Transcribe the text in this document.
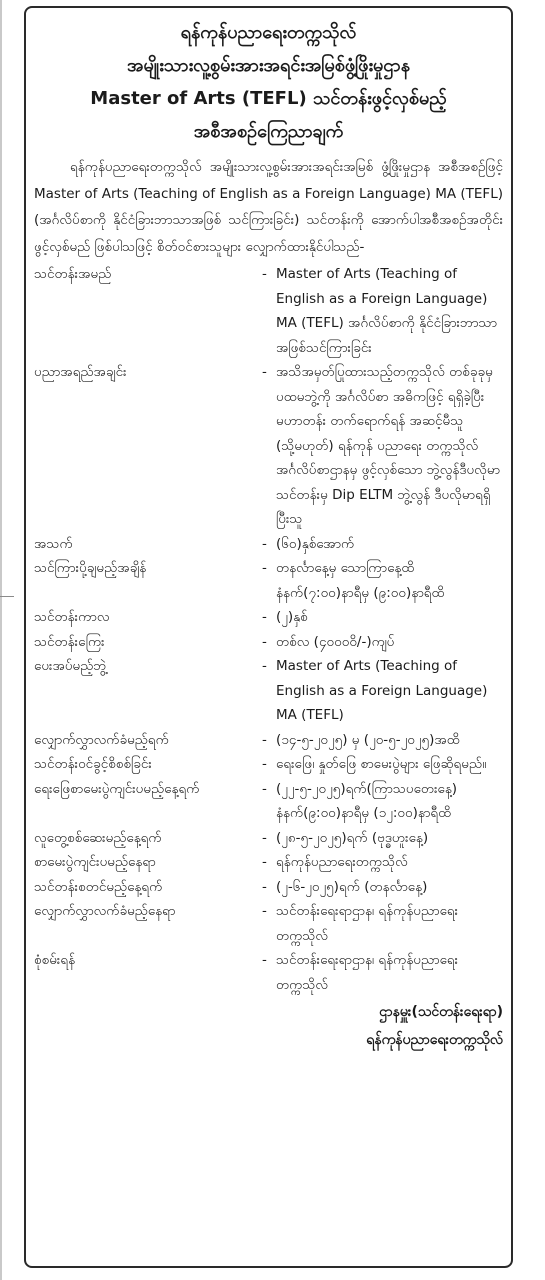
ရန်ကုန်ပညာရေးတက္ကသိုလ်

အမျိုးသားလူ့စွမ်းအားအရင်းအမြစ်ဖွံ့ဖြိုးမှုဌာန

Master of Arts (TEFL) သင်တန်းဖွင့်လှစ်မည့်

အစီအစဉ်ကြေညာချက်

ရန်ကုန်ပညာရေးတက္ကသိုလ် အမျိုးသားလူ့စွမ်းအားအရင်းအမြစ် ဖွံ့ဖြိုးမှုဌာန အစီအစဉ်ဖြင့် Master of Arts (Teaching of English as a Foreign Language) MA (TEFL) (အင်္ဂလိပ်စာကို နိုင်ငံခြားဘာသာအဖြစ် သင်ကြားခြင်း) သင်တန်းကို အောက်ပါအစီအစဉ်အတိုင်း ဖွင့်လှစ်မည် ဖြစ်ပါသဖြင့် စိတ်ဝင်စားသူများ လျှောက်ထားနိုင်ပါသည်-

သင်တန်းအမည်	-	Master of Arts (Teaching of English as a Foreign Language) MA (TEFL) အင်္ဂလိပ်စာကို နိုင်ငံခြားဘာသာ အဖြစ်သင်ကြားခြင်း
ပညာအရည်အချင်း	-	အသိအမှတ်ပြုထားသည့်တက္ကသိုလ် တစ်ခုခုမှ ပထမဘွဲ့ကို အင်္ဂလိပ်စာ အဓိကဖြင့် ရရှိခဲ့ပြီး မဟာတန်း တက်ရောက်ရန် အဆင့်မီသူ (သို့မဟုတ်) ရန်ကုန် ပညာရေး တက္ကသိုလ် အင်္ဂလိပ်စာဌာနမှ ဖွင့်လှစ်သော ဘွဲ့လွန်ဒီပလိုမာ သင်တန်းမှ Dip ELTM ဘွဲ့လွန် ဒီပလိုမာရရှိပြီးသူ
အသက်	-	(၆၀)နှစ်အောက်
သင်ကြားပို့ချမည့်အချိန်	-	တနင်္လာနေ့မှ သောကြာနေ့ထိ နံနက်(၇:၀၀)နာရီမှ (၉:၀၀)နာရီထိ
သင်တန်းကာလ	-	(၂)နှစ်
သင်တန်းကြေး	-	တစ်လ (၄၀၀၀၀ိ/-)ကျပ်
ပေးအပ်မည့်ဘွဲ့	-	Master of Arts (Teaching of English as a Foreign Language) MA (TEFL)
လျှောက်လွှာလက်ခံမည့်ရက်	-	(၁၄-၅-၂၀၂၅) မှ (၂၀-၅-၂၀၂၅)အထိ
သင်တန်းဝင်ခွင့်စိစစ်ခြင်း	-	ရေးဖြေ၊ နှုတ်ဖြေ စာမေးပွဲများ ဖြေဆိုရမည်။
ရေးဖြေစာမေးပွဲကျင်းပမည့်နေ့ရက်	-	(၂၂-၅-၂၀၂၅)ရက်(ကြာသပတေးနေ့) နံနက်(၉:၀၀)နာရီမှ (၁၂:၀၀)နာရီထိ
လူတွေ့စစ်ဆေးမည့်နေ့ရက်	-	(၂၈-၅-၂၀၂၅)ရက် (ဗုဒ္ဓဟူးနေ့)
စာမေးပွဲကျင်းပမည့်နေရာ	-	ရန်ကုန်ပညာရေးတက္ကသိုလ်
သင်တန်းစတင်မည့်နေ့ရက်	-	(၂-၆-၂၀၂၅)ရက် (တနင်္လာနေ့)
လျှောက်လွှာလက်ခံမည့်နေရာ	-	သင်တန်းရေးရာဌာန၊ ရန်ကုန်ပညာရေးတက္ကသိုလ်
စုံစမ်းရန်	-	သင်တန်းရေးရာဌာန၊ ရန်ကုန်ပညာရေးတက္ကသိုလ်

ဌာနမှူး(သင်တန်းရေးရာ)

ရန်ကုန်ပညာရေးတက္ကသိုလ်
